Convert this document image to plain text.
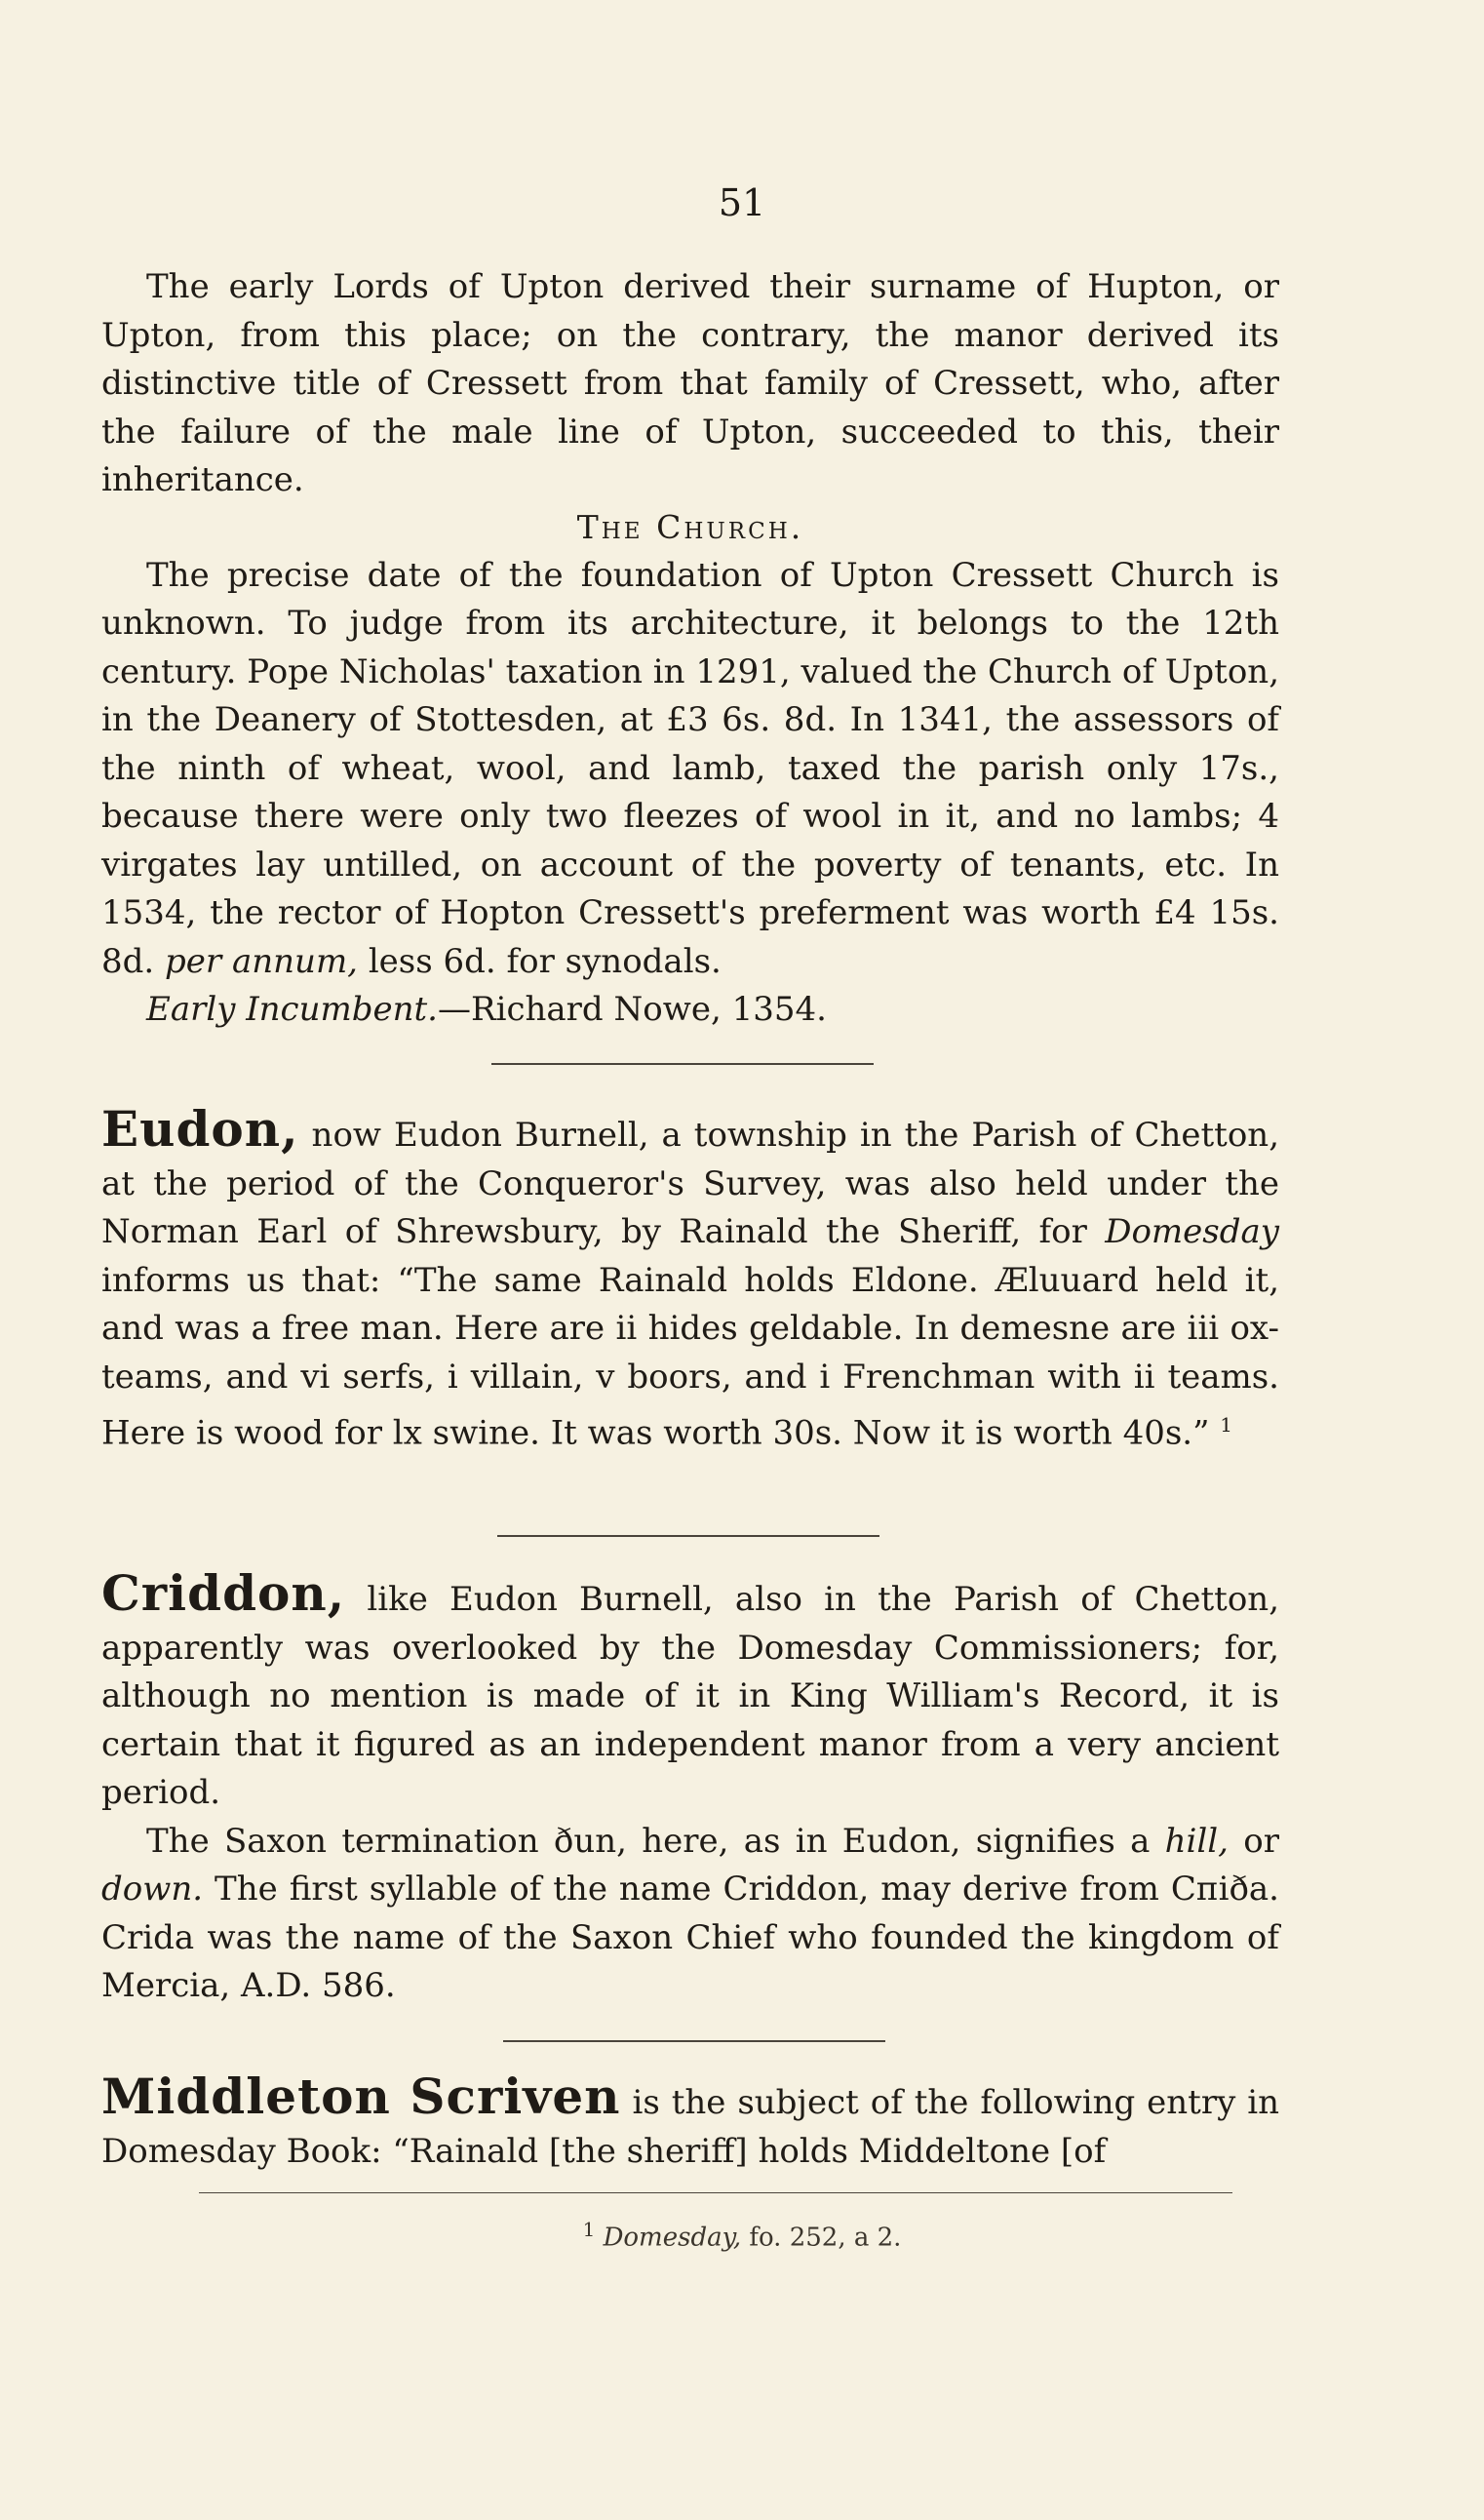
51

The early Lords of Upton derived their surname of Hupton, or Upton, from this place; on the contrary, the manor derived its distinctive title of Cressett from that family of Cressett, who, after the failure of the male line of Upton, succeeded to this, their inheritance.

The Church.

The precise date of the foundation of Upton Cressett Church is unknown. To judge from its architecture, it belongs to the 12th century. Pope Nicholas' taxation in 1291, valued the Church of Upton, in the Deanery of Stottesden, at £3 6s. 8d. In 1341, the assessors of the ninth of wheat, wool, and lamb, taxed the parish only 17s., because there were only two fleezes of wool in it, and no lambs; 4 virgates lay untilled, on account of the poverty of tenants, etc. In 1534, the rector of Hopton Cressett's preferment was worth £4 15s. 8d. per annum, less 6d. for synodals.

Early Incumbent.—Richard Nowe, 1354.

Eudon, now Eudon Burnell, a township in the Parish of Chetton, at the period of the Conqueror's Survey, was also held under the Norman Earl of Shrewsbury, by Rainald the Sheriff, for Domesday informs us that: “The same Rainald holds Eldone. Æluuard held it, and was a free man. Here are ii hides geldable. In demesne are iii ox-teams, and vi serfs, i villain, v boors, and i Frenchman with ii teams. Here is wood for lx swine. It was worth 30s. Now it is worth 40s.” $^1$

Criddon, like Eudon Burnell, also in the Parish of Chetton, apparently was overlooked by the Domesday Commissioners; for, although no mention is made of it in King William's Record, it is certain that it figured as an independent manor from a very ancient period.

The Saxon termination ðun, here, as in Eudon, signifies a hill, or down. The first syllable of the name Criddon, may derive from Cпiða. Crida was the name of the Saxon Chief who founded the kingdom of Mercia, A.D. 586.

Middleton Scriven is the subject of the following entry in Domesday Book: “Rainald [the sheriff] holds Middeltone [of

$^1$ Domesday, fo. 252, a 2.
